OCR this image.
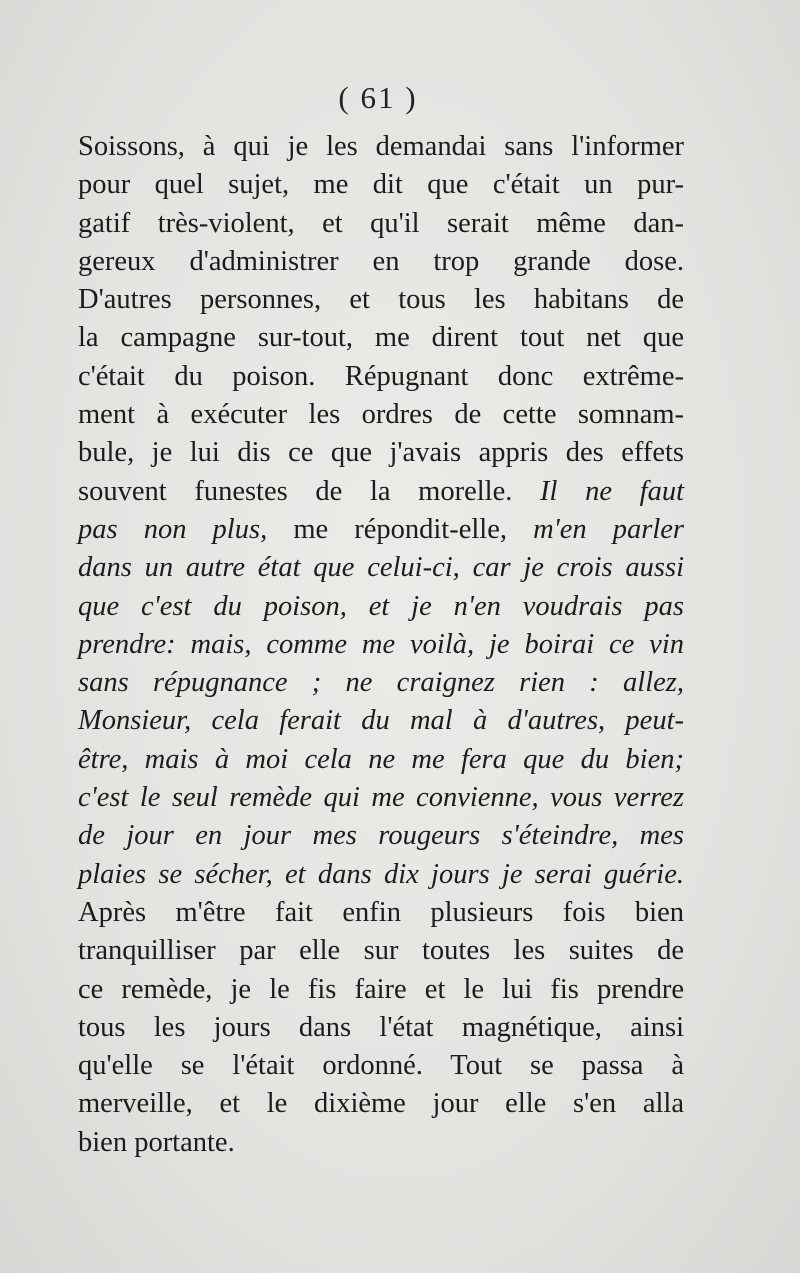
( 61 )
Soissons, à qui je les demandai sans l'informer
pour quel sujet, me dit que c'était un pur-
gatif très-violent, et qu'il serait même dan-
gereux d'administrer en trop grande dose.
D'autres personnes, et tous les habitans de
la campagne sur-tout, me dirent tout net que
c'était du poison. Répugnant donc extrême-
ment à exécuter les ordres de cette somnam-
bule, je lui dis ce que j'avais appris des effets
souvent funestes de la morelle. Il ne faut
pas non plus, me répondit-elle, m'en parler
dans un autre état que celui-ci, car je crois aussi
que c'est du poison, et je n'en voudrais pas
prendre: mais, comme me voilà, je boirai ce vin
sans répugnance ; ne craignez rien : allez,
Monsieur, cela ferait du mal à d'autres, peut-
être, mais à moi cela ne me fera que du bien;
c'est le seul remède qui me convienne, vous verrez
de jour en jour mes rougeurs s'éteindre, mes
plaies se sécher, et dans dix jours je serai guérie.
Après m'être fait enfin plusieurs fois bien
tranquilliser par elle sur toutes les suites de
ce remède, je le fis faire et le lui fis prendre
tous les jours dans l'état magnétique, ainsi
qu'elle se l'était ordonné. Tout se passa à
merveille, et le dixième jour elle s'en alla
bien portante.
